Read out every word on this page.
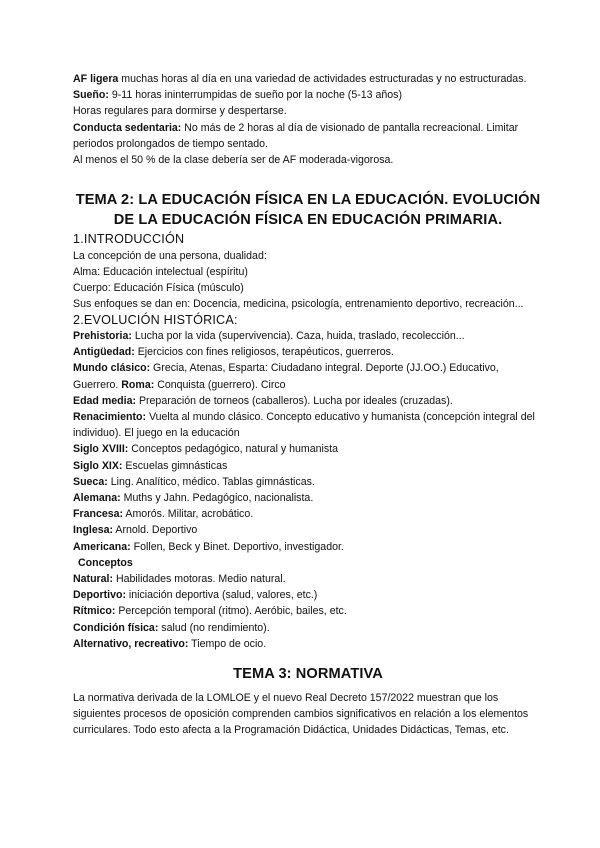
AF ligera muchas horas al día en una variedad de actividades estructuradas y no estructuradas.

Sueño: 9-11 horas ininterrumpidas de sueño por la noche (5-13 años)

Horas regulares para dormirse y despertarse.

Conducta sedentaria: No más de 2 horas al día de visionado de pantalla recreacional. Limitar periodos prolongados de tiempo sentado.

Al menos el 50 % de la clase debería ser de AF moderada-vigorosa.

TEMA 2: LA EDUCACIÓN FÍSICA EN LA EDUCACIÓN. EVOLUCIÓN DE LA EDUCACIÓN FÍSICA EN EDUCACIÓN PRIMARIA.
1.INTRODUCCIÓN

La concepción de una persona, dualidad:

Alma: Educación intelectual (espíritu)

Cuerpo: Educación Física (músculo)

Sus enfoques se dan en: Docencia, medicina, psicología, entrenamiento deportivo, recreación...

2.EVOLUCIÓN HISTÓRICA:

Prehistoria: Lucha por la vida (supervivencia). Caza, huida, traslado, recolección...

Antigüedad: Ejercicios con fines religiosos, terapéuticos, guerreros.

Mundo clásico: Grecia, Atenas, Esparta: Ciudadano integral. Deporte (JJ.OO.) Educativo, Guerrero. Roma: Conquista (guerrero). Circo

Edad media: Preparación de torneos (caballeros). Lucha por ideales (cruzadas).

Renacimiento: Vuelta al mundo clásico. Concepto educativo y humanista (concepción integral del individuo). El juego en la educación

Siglo XVIII: Conceptos pedagógico, natural y humanista

Siglo XIX: Escuelas gimnásticas

Sueca: Ling. Analítico, médico. Tablas gimnásticas.

Alemana: Muths y Jahn. Pedagógico, nacionalista.

Francesa: Amorós. Militar, acrobático.

Inglesa: Arnold. Deportivo

Americana: Follen, Beck y Binet. Deportivo, investigador.

Conceptos

Natural: Habilidades motoras. Medio natural.

Deportivo: iniciación deportiva (salud, valores, etc.)

Rítmico: Percepción temporal (ritmo). Aeróbic, bailes, etc.

Condición física: salud (no rendimiento).

Alternativo, recreativo: Tiempo de ocio.

TEMA 3: NORMATIVA

La normativa derivada de la LOMLOE y el nuevo Real Decreto 157/2022 muestran que los siguientes procesos de oposición comprenden cambios significativos en relación a los elementos curriculares. Todo esto afecta a la Programación Didáctica, Unidades Didácticas, Temas, etc.
